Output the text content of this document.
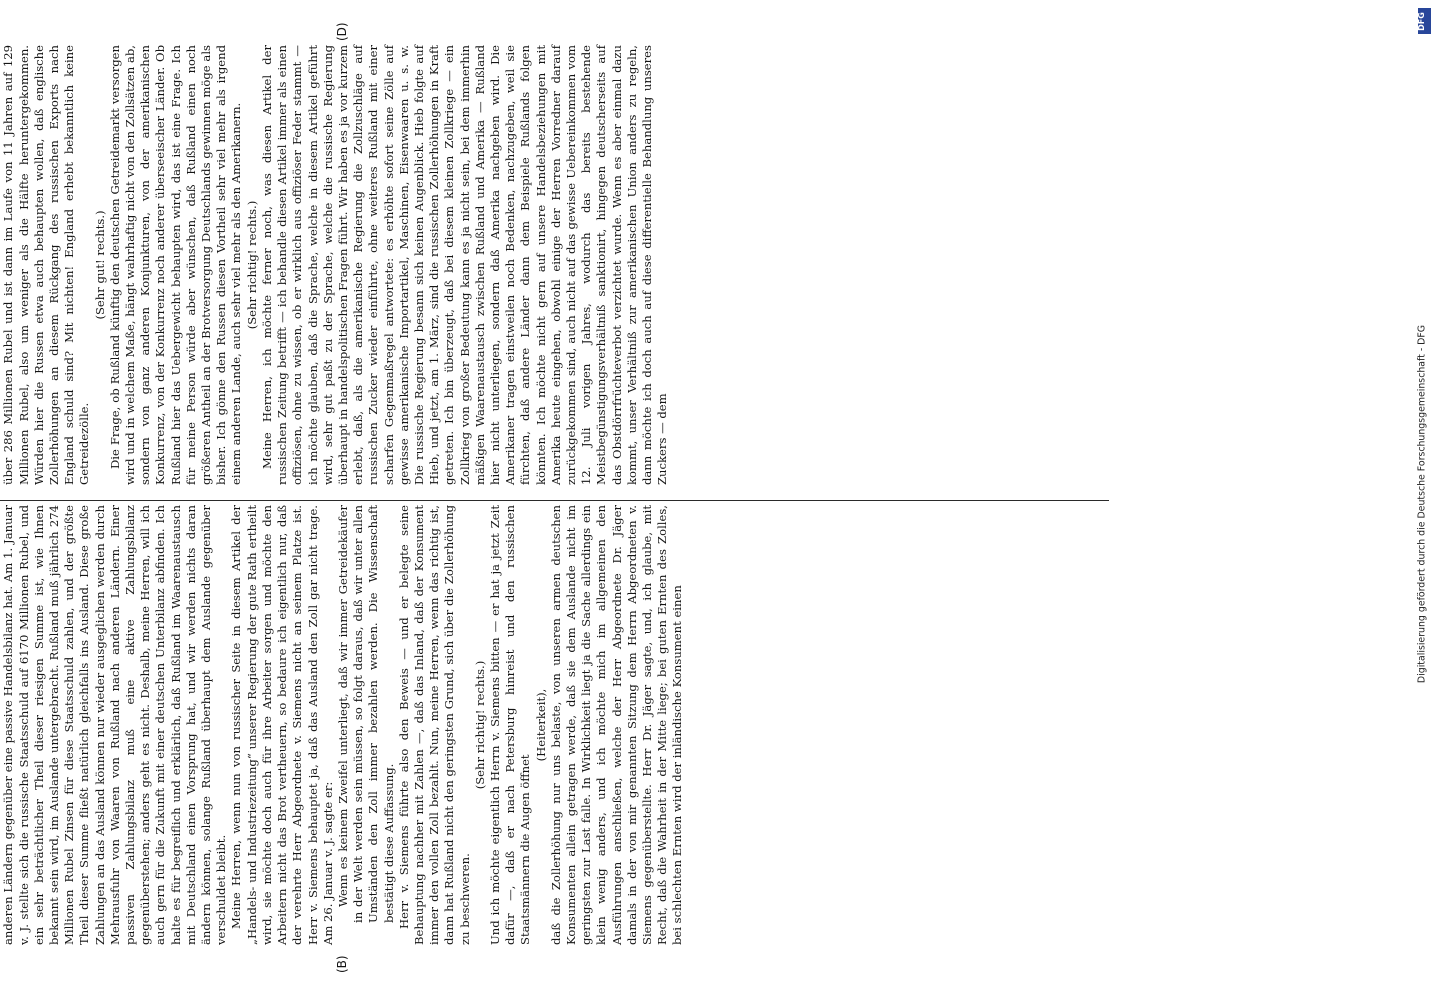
(B)
(D)

anderen Ländern gegenüber eine passive Handelsbilanz hat. Am 1. Januar v. J. stellte sich die russische Staatsschuld auf 6170 Millionen Rubel, und ein sehr beträchtlicher Theil dieser riesigen Summe ist, wie Ihnen bekannt sein wird, im Auslande untergebracht. Rußland muß jährlich 274 Millionen Rubel Zinsen für diese Staatsschuld zahlen, und der größte Theil dieser Summe fließt natürlich gleichfalls ins Ausland. Diese große Zahlungen an das Ausland können nur wieder ausgeglichen werden durch Mehrausfuhr von Waaren von Rußland nach anderen Ländern. Einer passiven Zahlungsbilanz muß eine aktive Zahlungsbilanz gegenüberstehen; anders geht es nicht. Deshalb, meine Herren, will ich auch gern für die Zukunft mit einer deutschen Unterbilanz abfinden. Ich halte es für begreiflich und erklärlich, daß Rußland im Waarenaustausch mit Deutschland einen Vorsprung hat, und wir werden nichts daran ändern können, solange Rußland überhaupt dem Auslande gegenüber verschuldet bleibt. Meine Herren, wenn nun von russischer Seite in diesem Artikel der „Handels- und Industriezeitung“ unserer Regierung der gute Rath ertheilt wird, sie möchte doch auch für ihre Arbeiter sorgen und möchte den Arbeitern nicht das Brot vertheuern, so bedaure ich eigentlich nur, daß der verehrte Herr Abgeordnete v. Siemens nicht an seinem Platze ist. Herr v. Siemens behauptet ja, daß das Ausland den Zoll gar nicht trage. Am 26. Januar v. J. sagte er: Wenn es keinem Zweifel unterliegt, daß wir immer Getreidekäufer in der Welt werden sein müssen, so folgt daraus, daß wir unter allen Umständen den Zoll immer bezahlen werden. Die Wissenschaft bestätigt diese Auffassung. Herr v. Siemens führte also den Beweis — und er belegte seine Behauptung nachher mit Zahlen —, daß das Inland, daß der Konsument immer den vollen Zoll bezahlt. Nun, meine Herren, wenn das richtig ist, dann hat Rußland nicht den geringsten Grund, sich über die Zollerhöhung zu beschweren.

(Sehr richtig! rechts.) Und ich möchte eigentlich Herrn v. Siemens bitten — er hat ja jetzt Zeit dafür —, daß er nach Petersburg hinreist und den russischen Staatsmännern die Augen öffnet

(Heiterkeit), daß die Zollerhöhung nur uns belaste, von unseren armen deutschen Konsumenten allein getragen werde, daß sie dem Auslande nicht im geringsten zur Last falle. In Wirklichkeit liegt ja die Sache allerdings ein klein wenig anders, und ich möchte mich im allgemeinen den Ausführungen anschließen, welche der Herr Abgeordnete Dr. Jäger damals in der von mir genannten Sitzung dem Herrn Abgeordneten v. Siemens gegenüberstellte. Herr Dr. Jäger sagte, und, ich glaube, mit Recht, daß die Wahrheit in der Mitte liege; bei guten Ernten des Zolles, bei schlechten Ernten wird der inländische Konsument einen

über 286 Millionen Rubel und ist dann im Laufe von 11 Jahren auf 129 Millionen Rubel, also um weniger als die Hälfte heruntergekommen. Würden hier die Russen etwa auch behaupten wollen, daß englische Zollerhöhungen an diesem Rückgang des russischen Exports nach England schuld sind? Mit nichten! England erhebt bekanntlich keine Getreidezölle.

(Sehr gut! rechts.) Die Frage, ob Rußland künftig den deutschen Getreidemarkt versorgen wird und in welchem Maße, hängt wahrhaftig nicht von den Zollsätzen ab, sondern von ganz anderen Konjunkturen, von der amerikanischen Konkurrenz, von der Konkurrenz noch anderer überseeischer Länder. Ob Rußland hier das Uebergewicht behaupten wird, das ist eine Frage. Ich für meine Person würde aber wünschen, daß Rußland einen noch größeren Antheil an der Brotversorgung Deutschlands gewinnen möge als bisher. Ich gönne den Russen diesen Vortheil sehr viel mehr als irgend einem anderen Lande, auch sehr viel mehr als den Amerikanern. (Sehr richtig! rechts.) Meine Herren, ich möchte ferner noch, was diesen Artikel der russischen Zeitung betrifft — ich behandle diesen Artikel immer als einen offiziösen, ohne zu wissen, ob er wirklich aus offiziöser Feder stammt — ich möchte glauben, daß die Sprache, welche in diesem Artikel geführt wird, sehr gut paßt zu der Sprache, welche die russische Regierung überhaupt in handelspolitischen Fragen führt. Wir haben es ja vor kurzem erlebt, daß, als die amerikanische Regierung die Zollzuschläge auf russischen Zucker wieder einführte, ohne weiteres Rußland mit einer scharfen Gegenmaßregel antwortete: es erhöhte sofort seine Zölle auf gewisse amerikanische Importartikel, Maschinen, Eisenwaaren u. s. w. Die russische Regierung besann sich keinen Augenblick. Hieb folgte auf Hieb, und jetzt, am 1. März, sind die russischen Zollerhöhungen in Kraft getreten. Ich bin überzeugt, daß bei diesem kleinen Zollkriege — ein Zollkrieg von großer Bedeutung kann es ja nicht sein, bei dem immerhin mäßigen Waarenaustausch zwischen Rußland und Amerika — Rußland hier nicht unterliegen, sondern daß Amerika nachgeben wird. Die Amerikaner tragen einstweilen noch Bedenken, nachzugeben, weil sie fürchten, daß andere Länder dann dem Beispiele Rußlands folgen könnten. Ich möchte nicht gern auf unsere Handelsbeziehungen mit Amerika heute eingehen, obwohl einige der Herren Vorredner darauf zurückgekommen sind, auch nicht auf das gewisse Uebereinkommen vom 12. Juli vorigen Jahres, wodurch das bereits bestehende Meistbegünstigungsverhältniß sanktionirt, hingegen deutscherseits auf das Obstdörrfrüchteverbot verzichtet wurde. Wenn es aber einmal dazu kommt, unser Verhältniß zur amerikanischen Union anders zu regeln, dann möchte ich doch auch auf diese differentielle Behandlung unseres Zuckers — dem	Digitalisierung gefördert durch die Deutsche Forschungsgemeinschaft - DFG
DFG
